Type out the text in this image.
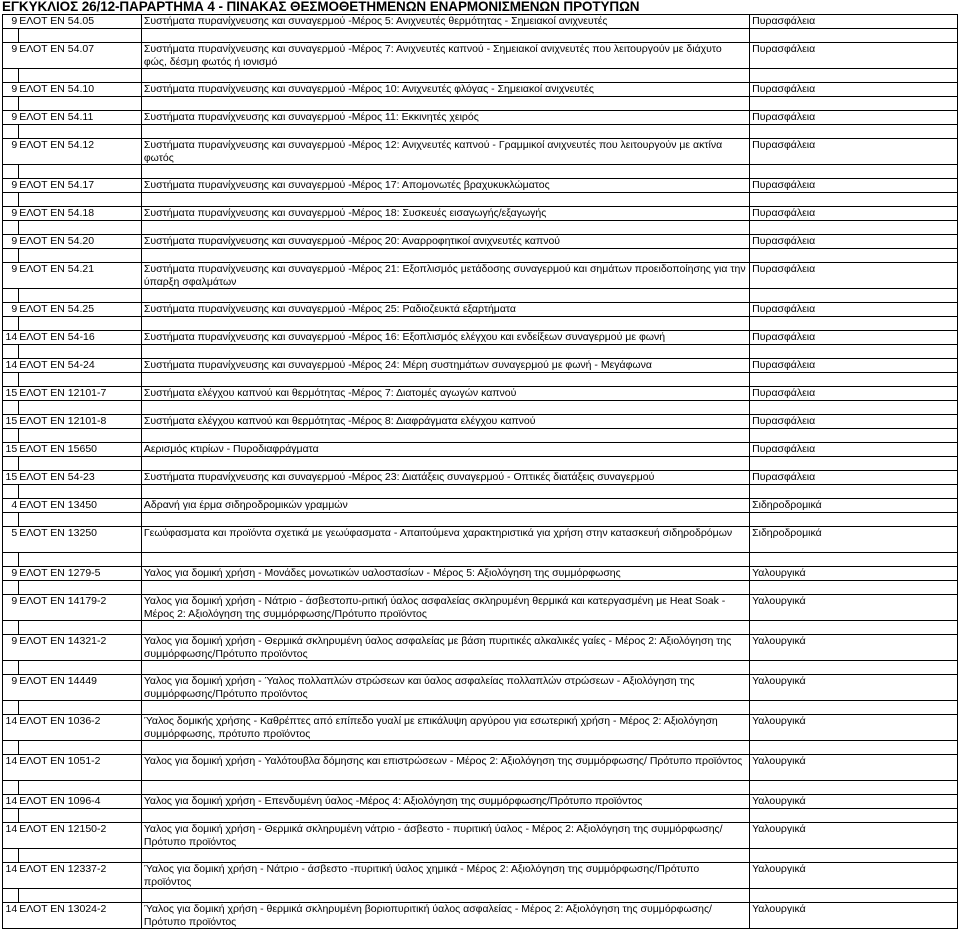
ΕΓΚΥΚΛΙΟΣ 26/12-ΠΑΡΑΡΤΗΜΑ 4 - ΠΙΝΑΚΑΣ ΘΕΣΜΟΘΕΤΗΜΕΝΩΝ ΕΝΑΡΜΟΝΙΣΜΕΝΩΝ ΠΡΟΤΥΠΩΝ
9	ΕΛΟΤ ΕΝ 54.05	Συστήματα πυρανίχνευσης και συναγερμού -Μέρος 5: Ανιχνευτές θερμότητας - Σημειακοί ανιχνευτές	Πυρασφάλεια

9	ΕΛΟΤ ΕΝ 54.07	Συστήματα πυρανίχνευσης και συναγερμού -Μέρος 7: Ανιχνευτές καπνού - Σημειακοί ανιχνευτές που λειτουργούν με διάχυτο φώς, δέσμη φωτός ή ιονισμό	Πυρασφάλεια

9	ΕΛΟΤ ΕΝ 54.10	Συστήματα πυρανίχνευσης και συναγερμού -Μέρος 10: Ανιχνευτές φλόγας - Σημειακοί ανιχνευτές	Πυρασφάλεια

9	ΕΛΟΤ ΕΝ 54.11	Συστήματα πυρανίχνευσης και συναγερμού -Μέρος 11: Εκκινητές χειρός	Πυρασφάλεια

9	ΕΛΟΤ ΕΝ 54.12	Συστήματα πυρανίχνευσης και συναγερμού -Μέρος 12: Ανιχνευτές καπνού - Γραμμικοί ανιχνευτές που λειτουργούν με ακτίνα φωτός	Πυρασφάλεια

9	ΕΛΟΤ ΕΝ 54.17	Συστήματα πυρανίχνευσης και συναγερμού -Μέρος 17: Απομονωτές βραχυκυκλώματος	Πυρασφάλεια

9	ΕΛΟΤ ΕΝ 54.18	Συστήματα πυρανίχνευσης και συναγερμού -Μέρος 18: Συσκευές εισαγωγής/εξαγωγής	Πυρασφάλεια

9	ΕΛΟΤ ΕΝ 54.20	Συστήματα πυρανίχνευσης και συναγερμού -Μέρος 20: Αναρροφητικοί ανιχνευτές καπνού	Πυρασφάλεια

9	ΕΛΟΤ ΕΝ 54.21	Συστήματα πυρανίχνευσης και συναγερμού -Μέρος 21: Εξοπλισμός μετάδοσης συναγερμού και σημάτων προειδοποίησης για την ύπαρξη σφαλμάτων	Πυρασφάλεια

9	ΕΛΟΤ ΕΝ 54.25	Συστήματα πυρανίχνευσης και συναγερμού -Μέρος 25: Ραδιοζευκτά εξαρτήματα	Πυρασφάλεια

14	ΕΛΟΤ ΕΝ 54-16	Συστήματα πυρανίχνευσης και συναγερμού -Μέρος 16: Εξοπλισμός ελέγχου και ενδείξεων συναγερμού με φωνή	Πυρασφάλεια

14	ΕΛΟΤ ΕΝ 54-24	Συστήματα πυρανίχνευσης και συναγερμού -Μέρος 24: Μέρη συστημάτων συναγερμού με φωνή - Μεγάφωνα	Πυρασφάλεια

15	ΕΛΟΤ ΕΝ 12101-7	Συστήματα ελέγχου καπνού και θερμότητας -Μέρος 7: Διατομές αγωγών καπνού	Πυρασφάλεια

15	ΕΛΟΤ ΕΝ 12101-8	Συστήματα ελέγχου καπνού και θερμότητας -Μέρος 8: Διαφράγματα ελέγχου καπνού	Πυρασφάλεια

15	ΕΛΟΤ ΕΝ 15650	Αερισμός κτιρίων - Πυροδιαφράγματα	Πυρασφάλεια

15	ΕΛΟΤ ΕΝ 54-23	Συστήματα πυρανίχνευσης και συναγερμού -Μέρος 23: Διατάξεις συναγερμού - Οπτικές διατάξεις συναγερμού	Πυρασφάλεια

4	ΕΛΟΤ ΕΝ 13450	Αδρανή για έρμα σιδηροδρομικών γραμμών	Σιδηροδρομικά

5	ΕΛΟΤ ΕΝ 13250	Γεωύφασματα και προϊόντα σχετικά με γεωύφασματα - Απαιτούμενα χαρακτηριστικά για χρήση στην κατασκευή σιδηροδρόμων	Σιδηροδρομικά

9	ΕΛΟΤ ΕΝ 1279-5	Υαλος για δομική χρήση - Μονάδες μονωτικών υαλοστασίων - Μέρος 5: Αξιολόγηση της συμμόρφωσης	Υαλουργικά

9	ΕΛΟΤ ΕΝ 14179-2	Υαλος για δομική χρήση - Νάτριο - άσβεστοπυ-ριτική ύαλος ασφαλείας σκληρυμένη θερμικά και κατεργασμένη με Heat Soak - Μέρος 2: Αξιολόγηση της συμμόρφωσης/Πρότυπο προϊόντος	Υαλουργικά

9	ΕΛΟΤ ΕΝ 14321-2	Υαλος για δομική χρήση - Θερμικά σκληρυμένη ύαλος ασφαλείας με βάση πυριτικές αλκαλικές γαίες - Μέρος 2: Αξιολόγηση της συμμόρφωσης/Πρότυπο προϊόντος	Υαλουργικά

9	ΕΛΟΤ ΕΝ 14449	Υαλος για δομική χρήση - Ύαλος πολλαπλών στρώσεων και ύαλος ασφαλείας πολλαπλών στρώσεων - Αξιολόγηση της συμμόρφωσης/Πρότυπο προϊόντος	Υαλουργικά

14	ΕΛΟΤ ΕΝ 1036-2	Ύαλος δομικής χρήσης - Καθρέπτες από επίπεδο γυαλί με επικάλυψη αργύρου για εσωτερική χρήση - Μέρος 2: Αξιολόγηση συμμόρφωσης, πρότυπο προϊόντος	Υαλουργικά

14	ΕΛΟΤ ΕΝ 1051-2	Υαλος για δομική χρήση - Υαλότουβλα δόμησης και επιστρώσεων - Μέρος 2: Αξιολόγηση της συμμόρφωσης/ Πρότυπο προϊόντος	Υαλουργικά

14	ΕΛΟΤ ΕΝ 1096-4	Υαλος για δομική χρήση - Επενδυμένη ύαλος -Μέρος 4: Αξιολόγηση της συμμόρφωσης/Πρότυπο προϊόντος	Υαλουργικά

14	ΕΛΟΤ ΕΝ 12150-2	Υαλος για δομική χρήση - Θερμικά σκληρυμένη νάτριο - άσβεστο - πυριτική ύαλος - Μέρος 2: Αξιολόγηση της συμμόρφωσης/Πρότυπο προϊόντος	Υαλουργικά

14	ΕΛΟΤ ΕΝ 12337-2	Ύαλος για δομική χρήση - Νάτριο - άσβεστο -πυριτική ύαλος χημικά - Μέρος 2: Αξιολόγηση της συμμόρφωσης/Πρότυπο προϊόντος	Υαλουργικά

14	ΕΛΟΤ ΕΝ 13024-2	Ύαλος για δομική χρήση - θερμικά σκληρυμένη βοριοπυριτική ύαλος ασφαλείας - Μέρος 2: Αξιολόγηση της συμμόρφωσης/Πρότυπο προϊόντος	Υαλουργικά
